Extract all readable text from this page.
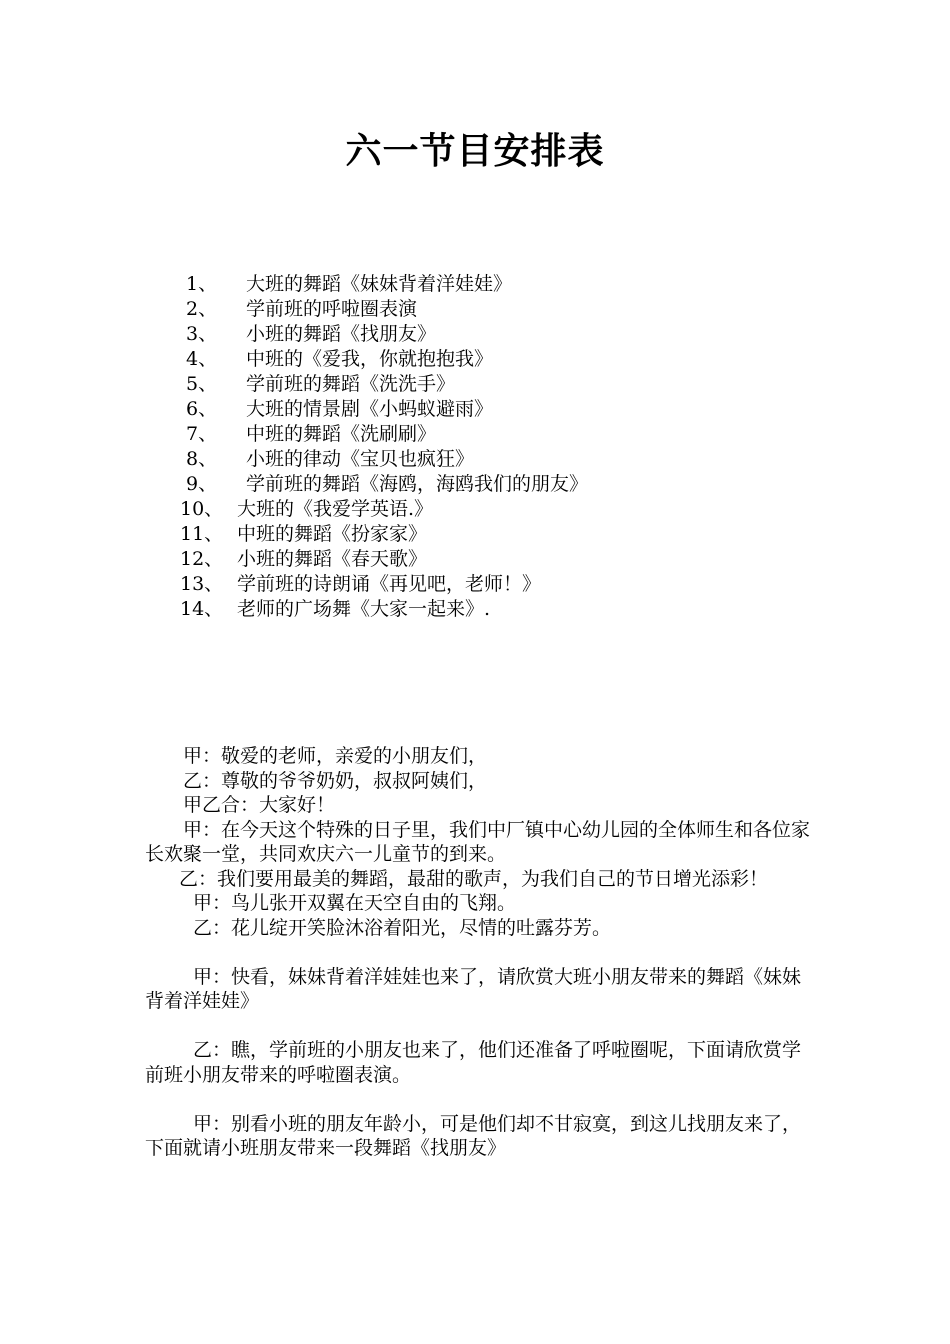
六一节目安排表
1、 大班的舞蹈《妹妹背着洋娃娃》
2、 学前班的呼啦圈表演
3、 小班的舞蹈《找朋友》
4、 中班的《爱我，你就抱抱我》
5、 学前班的舞蹈《洗洗手》
6、 大班的情景剧《小蚂蚁避雨》
7、 中班的舞蹈《洗刷刷》
8、 小班的律动《宝贝也疯狂》
9、 学前班的舞蹈《海鸥，海鸥我们的朋友》
10、 大班的《我爱学英语.》
11、 中班的舞蹈《扮家家》
12、 小班的舞蹈《春天歌》
13、 学前班的诗朗诵《再见吧，老师！》
14、 老师的广场舞《大家一起来》.

甲：敬爱的老师，亲爱的小朋友们，

乙：尊敬的爷爷奶奶，叔叔阿姨们，

甲乙合：大家好！

甲：在今天这个特殊的日子里，我们中厂镇中心幼儿园的全体师生和各位家长欢聚一堂，共同欢庆六一儿童节的到来。

乙：我们要用最美的舞蹈，最甜的歌声，为我们自己的节日增光添彩！

甲：鸟儿张开双翼在天空自由的飞翔。

乙：花儿绽开笑脸沐浴着阳光，尽情的吐露芬芳。

甲：快看，妹妹背着洋娃娃也来了，请欣赏大班小朋友带来的舞蹈《妹妹背着洋娃娃》

乙：瞧，学前班的小朋友也来了，他们还准备了呼啦圈呢，下面请欣赏学前班小朋友带来的呼啦圈表演。

甲：别看小班的朋友年龄小，可是他们却不甘寂寞，到这儿找朋友来了，下面就请小班朋友带来一段舞蹈《找朋友》
